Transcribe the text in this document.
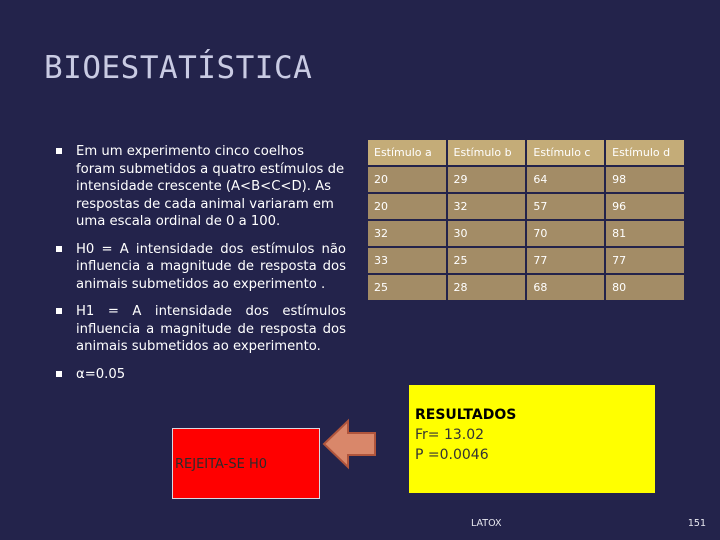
BIOESTATÍSTICA
Em um experimento cinco coelhos foram submetidos a quatro estímulos de intensidade crescente (A<B<C<D). As respostas de cada animal variaram em uma escala ordinal de 0 a 100.
H0 = A intensidade dos estímulos não influencia a magnitude de resposta dos animais submetidos ao experimento .
H1 = A intensidade dos estímulos influencia a magnitude de resposta dos animais submetidos ao experimento.
α=0.05
Estímulo a	Estímulo b	Estímulo c	Estímulo d
20	29	64	98
20	32	57	96
32	30	70	81
33	25	77	77
25	28	68	80
RESULTADOS
Fr= 13.02
P =0.0046
REJEITA-SE H0
LATOX	151
